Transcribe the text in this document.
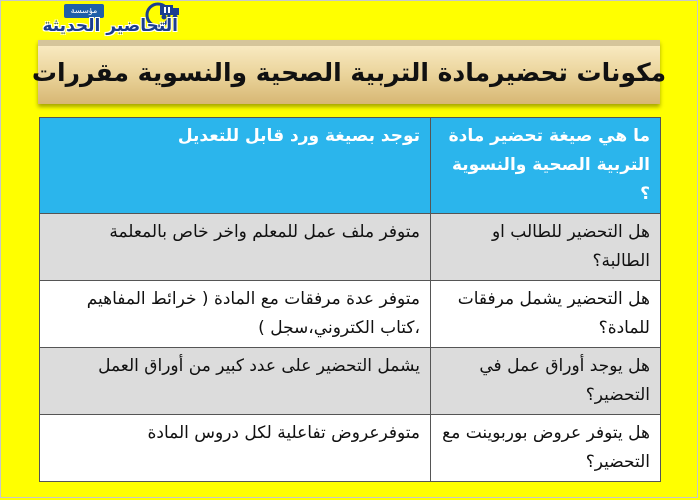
مؤسسة
التحاضير الحديثة
مكونات تحضيرمادة التربية الصحية والنسوية مقررات
ما هي صيغة تحضير مادة التربية الصحية والنسوية ؟	توجد بصيغة ورد قابل للتعديل
هل التحضير للطالب او الطالبة؟	متوفر ملف عمل للمعلم واخر خاص بالمعلمة
هل التحضير يشمل مرفقات للمادة؟	متوفر عدة مرفقات مع المادة ( خرائط المفاهيم ،كتاب الكتروني،سجل )
هل يوجد أوراق عمل في التحضير؟	يشمل التحضير على عدد كبير من أوراق العمل
هل يتوفر عروض بوربوينت مع التحضير؟	متوفرعروض تفاعلية لكل دروس المادة
